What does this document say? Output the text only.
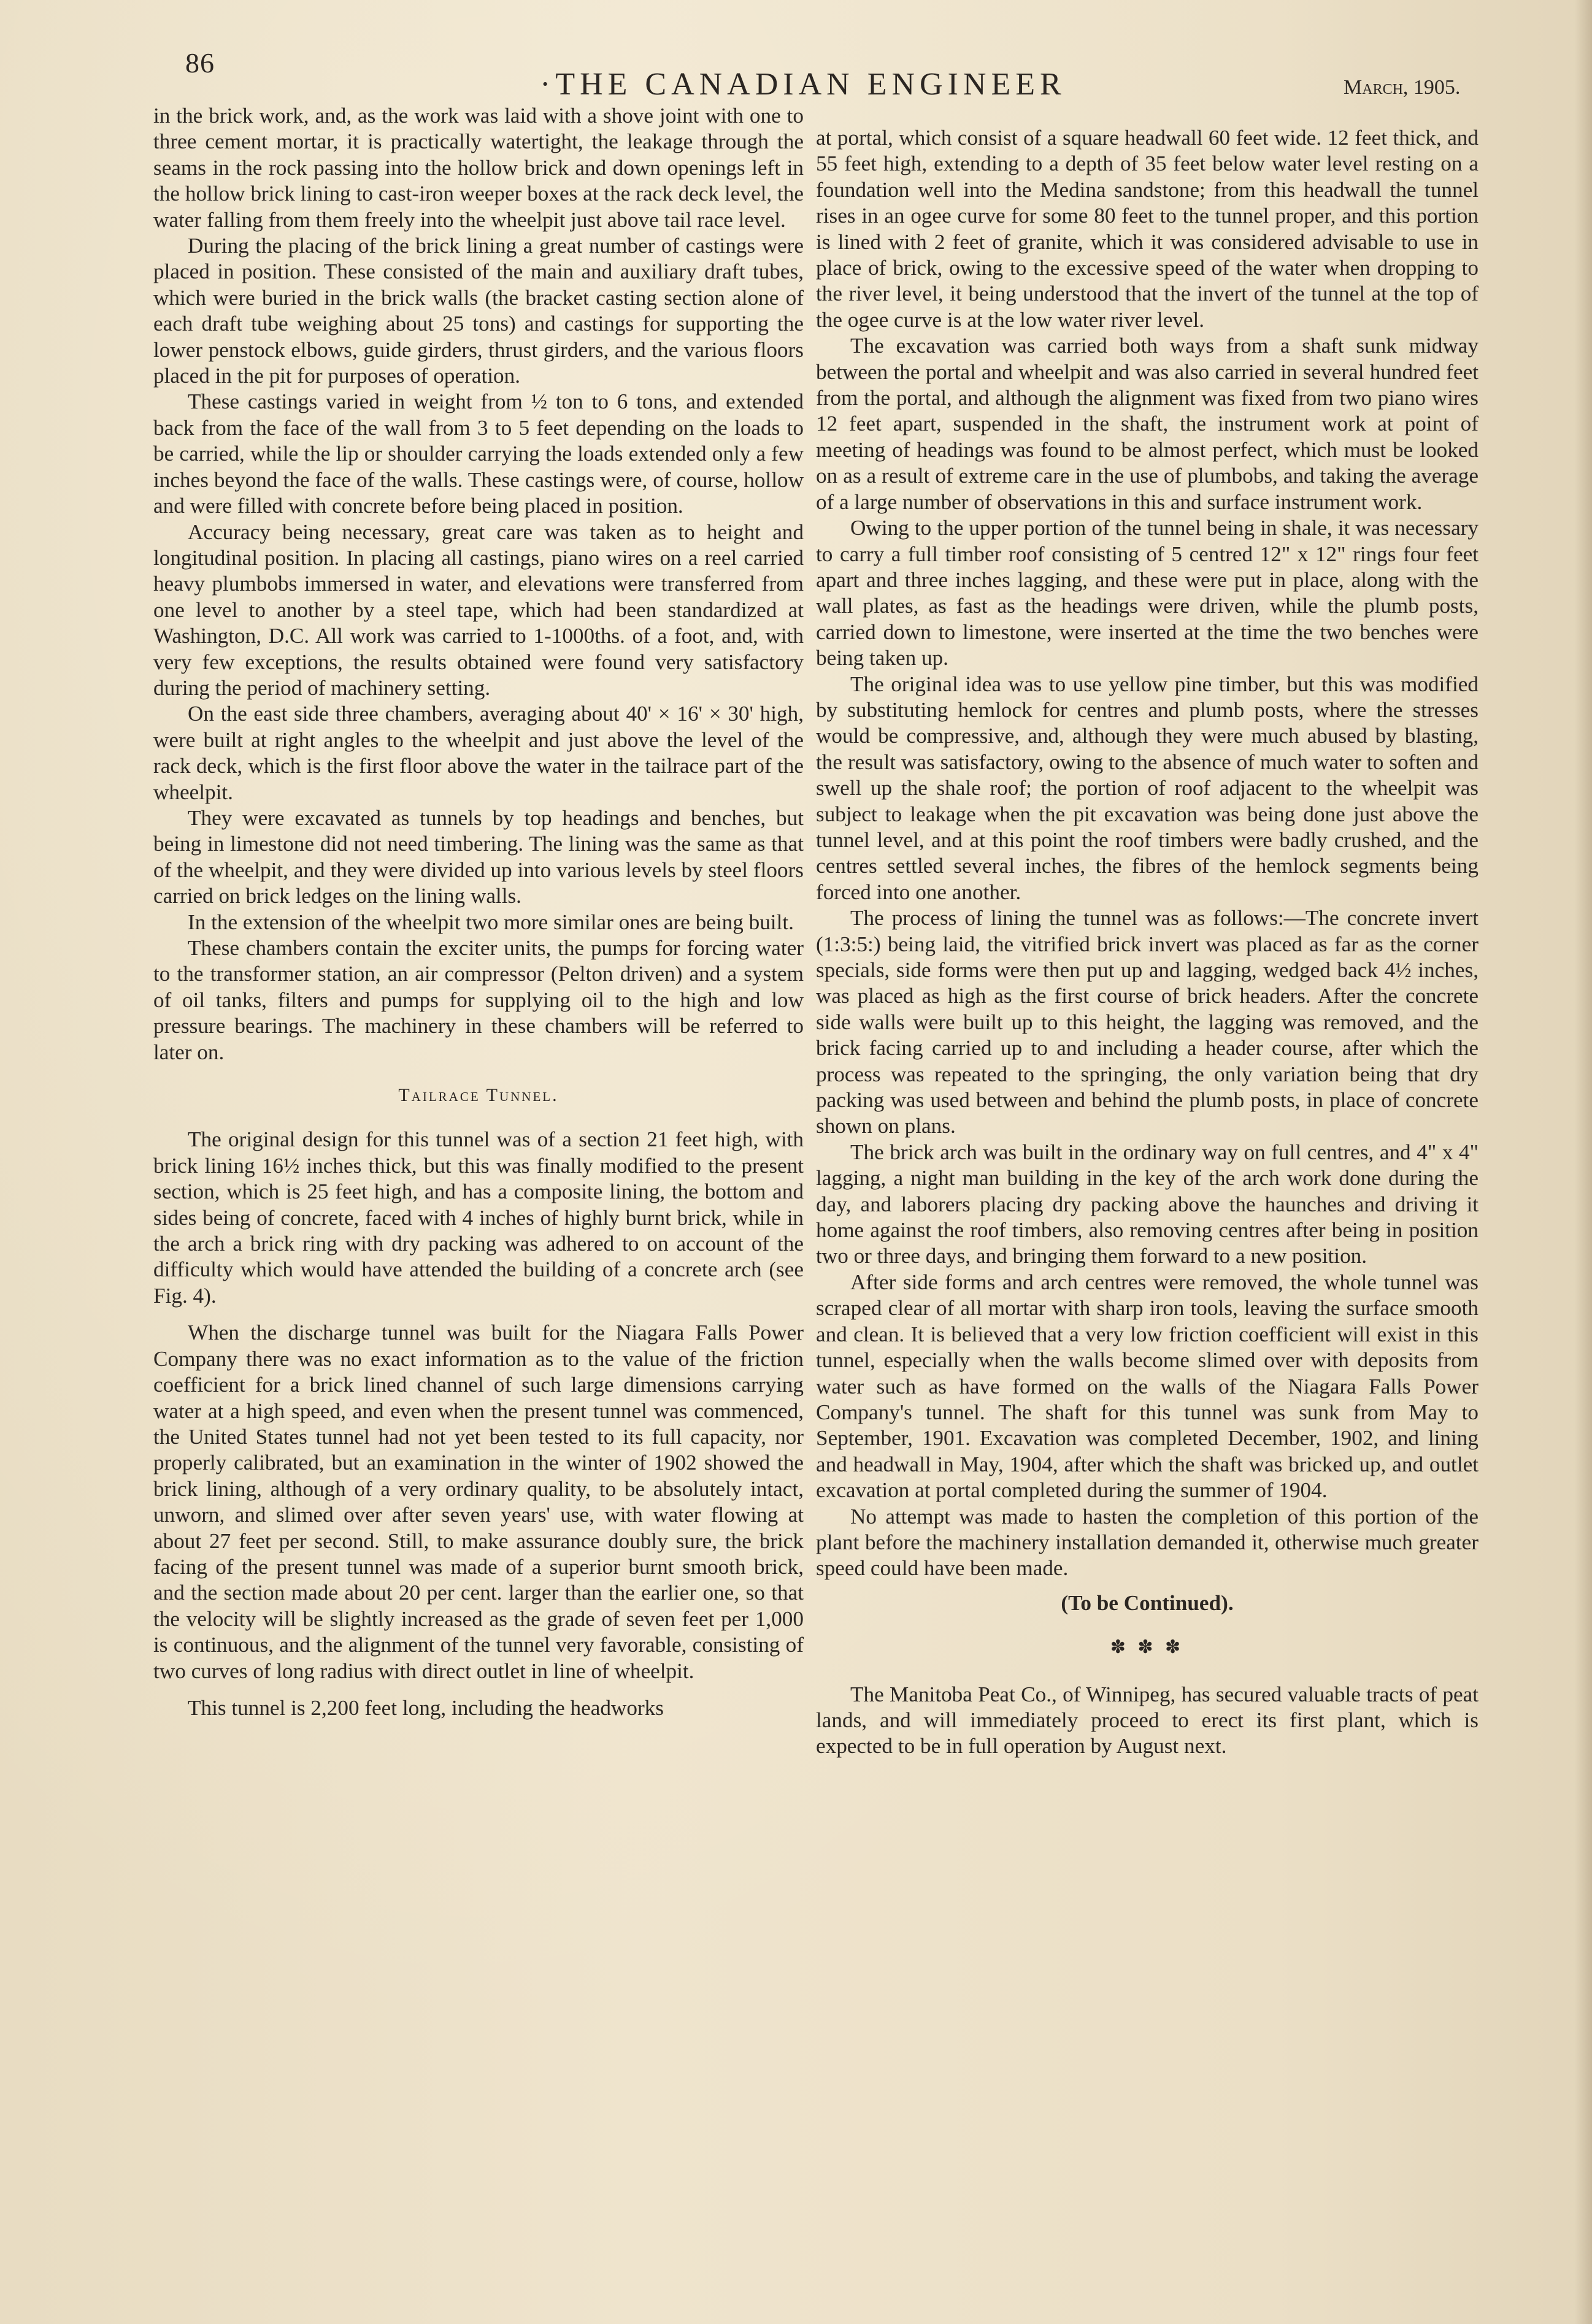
86
·THE CANADIAN ENGINEER	March, 1905.

in the brick work, and, as the work was laid with a shove joint with one to three cement mortar, it is practically watertight, the leakage through the seams in the rock passing into the hollow brick and down openings left in the hollow brick lining to cast-iron weeper boxes at the rack deck level, the water falling from them freely into the wheelpit just above tail race level.

During the placing of the brick lining a great number of castings were placed in position. These consisted of the main and auxiliary draft tubes, which were buried in the brick walls (the bracket casting section alone of each draft tube weighing about 25 tons) and castings for supporting the lower penstock elbows, guide girders, thrust girders, and the various floors placed in the pit for purposes of operation.

These castings varied in weight from ½ ton to 6 tons, and extended back from the face of the wall from 3 to 5 feet depending on the loads to be carried, while the lip or shoulder carrying the loads extended only a few inches beyond the face of the walls. These castings were, of course, hollow and were filled with concrete before being placed in position.

Accuracy being necessary, great care was taken as to height and longitudinal position. In placing all castings, piano wires on a reel carried heavy plumbobs immersed in water, and elevations were transferred from one level to another by a steel tape, which had been standardized at Washington, D.C. All work was carried to 1-1000ths. of a foot, and, with very few exceptions, the results obtained were found very satisfactory during the period of machinery setting.

On the east side three chambers, averaging about 40' × 16' × 30' high, were built at right angles to the wheelpit and just above the level of the rack deck, which is the first floor above the water in the tailrace part of the wheelpit.

They were excavated as tunnels by top headings and benches, but being in limestone did not need timbering. The lining was the same as that of the wheelpit, and they were divided up into various levels by steel floors carried on brick ledges on the lining walls.

In the extension of the wheelpit two more similar ones are being built.

These chambers contain the exciter units, the pumps for forcing water to the transformer station, an air compressor (Pelton driven) and a system of oil tanks, filters and pumps for supplying oil to the high and low pressure bearings. The machinery in these chambers will be referred to later on.

Tailrace Tunnel.

The original design for this tunnel was of a section 21 feet high, with brick lining 16½ inches thick, but this was finally modified to the present section, which is 25 feet high, and has a composite lining, the bottom and sides being of concrete, faced with 4 inches of highly burnt brick, while in the arch a brick ring with dry packing was adhered to on account of the difficulty which would have attended the building of a concrete arch (see Fig. 4).

When the discharge tunnel was built for the Niagara Falls Power Company there was no exact information as to the value of the friction coefficient for a brick lined channel of such large dimensions carrying water at a high speed, and even when the present tunnel was commenced, the United States tunnel had not yet been tested to its full capacity, nor properly calibrated, but an examination in the winter of 1902 showed the brick lining, although of a very ordinary quality, to be absolutely intact, unworn, and slimed over after seven years' use, with water flowing at about 27 feet per second. Still, to make assurance doubly sure, the brick facing of the present tunnel was made of a superior burnt smooth brick, and the section made about 20 per cent. larger than the earlier one, so that the velocity will be slightly increased as the grade of seven feet per 1,000 is continuous, and the alignment of the tunnel very favorable, consisting of two curves of long radius with direct outlet in line of wheelpit.

This tunnel is 2,200 feet long, including the headworks

at portal, which consist of a square headwall 60 feet wide. 12 feet thick, and 55 feet high, extending to a depth of 35 feet below water level resting on a foundation well into the Medina sandstone; from this headwall the tunnel rises in an ogee curve for some 80 feet to the tunnel proper, and this portion is lined with 2 feet of granite, which it was considered advisable to use in place of brick, owing to the excessive speed of the water when dropping to the river level, it being understood that the invert of the tunnel at the top of the ogee curve is at the low water river level.

The excavation was carried both ways from a shaft sunk midway between the portal and wheelpit and was also carried in several hundred feet from the portal, and although the alignment was fixed from two piano wires 12 feet apart, suspended in the shaft, the instrument work at point of meeting of headings was found to be almost perfect, which must be looked on as a result of extreme care in the use of plumbobs, and taking the average of a large number of observations in this and surface instrument work.

Owing to the upper portion of the tunnel being in shale, it was necessary to carry a full timber roof consisting of 5 centred 12" x 12" rings four feet apart and three inches lagging, and these were put in place, along with the wall plates, as fast as the headings were driven, while the plumb posts, carried down to limestone, were inserted at the time the two benches were being taken up.

The original idea was to use yellow pine timber, but this was modified by substituting hemlock for centres and plumb posts, where the stresses would be compressive, and, although they were much abused by blasting, the result was satisfactory, owing to the absence of much water to soften and swell up the shale roof; the portion of roof adjacent to the wheelpit was subject to leakage when the pit excavation was being done just above the tunnel level, and at this point the roof timbers were badly crushed, and the centres settled several inches, the fibres of the hemlock segments being forced into one another.

The process of lining the tunnel was as follows:—The concrete invert (1:3:5:) being laid, the vitrified brick invert was placed as far as the corner specials, side forms were then put up and lagging, wedged back 4½ inches, was placed as high as the first course of brick headers. After the concrete side walls were built up to this height, the lagging was removed, and the brick facing carried up to and including a header course, after which the process was repeated to the springing, the only variation being that dry packing was used between and behind the plumb posts, in place of concrete shown on plans.

The brick arch was built in the ordinary way on full centres, and 4" x 4" lagging, a night man building in the key of the arch work done during the day, and laborers placing dry packing above the haunches and driving it home against the roof timbers, also removing centres after being in position two or three days, and bringing them forward to a new position.

After side forms and arch centres were removed, the whole tunnel was scraped clear of all mortar with sharp iron tools, leaving the surface smooth and clean. It is believed that a very low friction coefficient will exist in this tunnel, especially when the walls become slimed over with deposits from water such as have formed on the walls of the Niagara Falls Power Company's tunnel. The shaft for this tunnel was sunk from May to September, 1901. Excavation was completed December, 1902, and lining and headwall in May, 1904, after which the shaft was bricked up, and outlet excavation at portal completed during the summer of 1904.

No attempt was made to hasten the completion of this portion of the plant before the machinery installation demanded it, otherwise much greater speed could have been made.

(To be Continued).
✽ ✽ ✽

The Manitoba Peat Co., of Winnipeg, has secured valuable tracts of peat lands, and will immediately proceed to erect its first plant, which is expected to be in full operation by August next.
